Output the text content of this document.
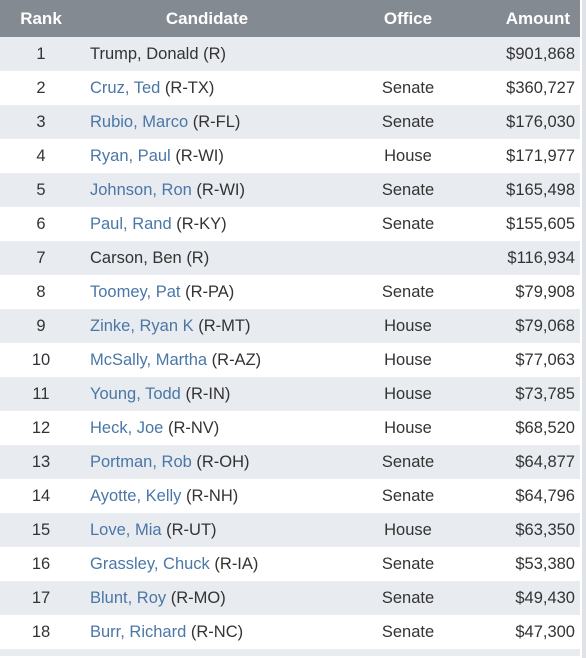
Rank	Candidate	Office	Amount
1	Trump, Donald (R)		$901,868
2	Cruz, Ted (R-TX)	Senate	$360,727
3	Rubio, Marco (R-FL)	Senate	$176,030
4	Ryan, Paul (R-WI)	House	$171,977
5	Johnson, Ron (R-WI)	Senate	$165,498
6	Paul, Rand (R-KY)	Senate	$155,605
7	Carson, Ben (R)		$116,934
8	Toomey, Pat (R-PA)	Senate	$79,908
9	Zinke, Ryan K (R-MT)	House	$79,068
10	McSally, Martha (R-AZ)	House	$77,063
11	Young, Todd (R-IN)	House	$73,785
12	Heck, Joe (R-NV)	House	$68,520
13	Portman, Rob (R-OH)	Senate	$64,877
14	Ayotte, Kelly (R-NH)	Senate	$64,796
15	Love, Mia (R-UT)	House	$63,350
16	Grassley, Chuck (R-IA)	Senate	$53,380
17	Blunt, Roy (R-MO)	Senate	$49,430
18	Burr, Richard (R-NC)	Senate	$47,300
